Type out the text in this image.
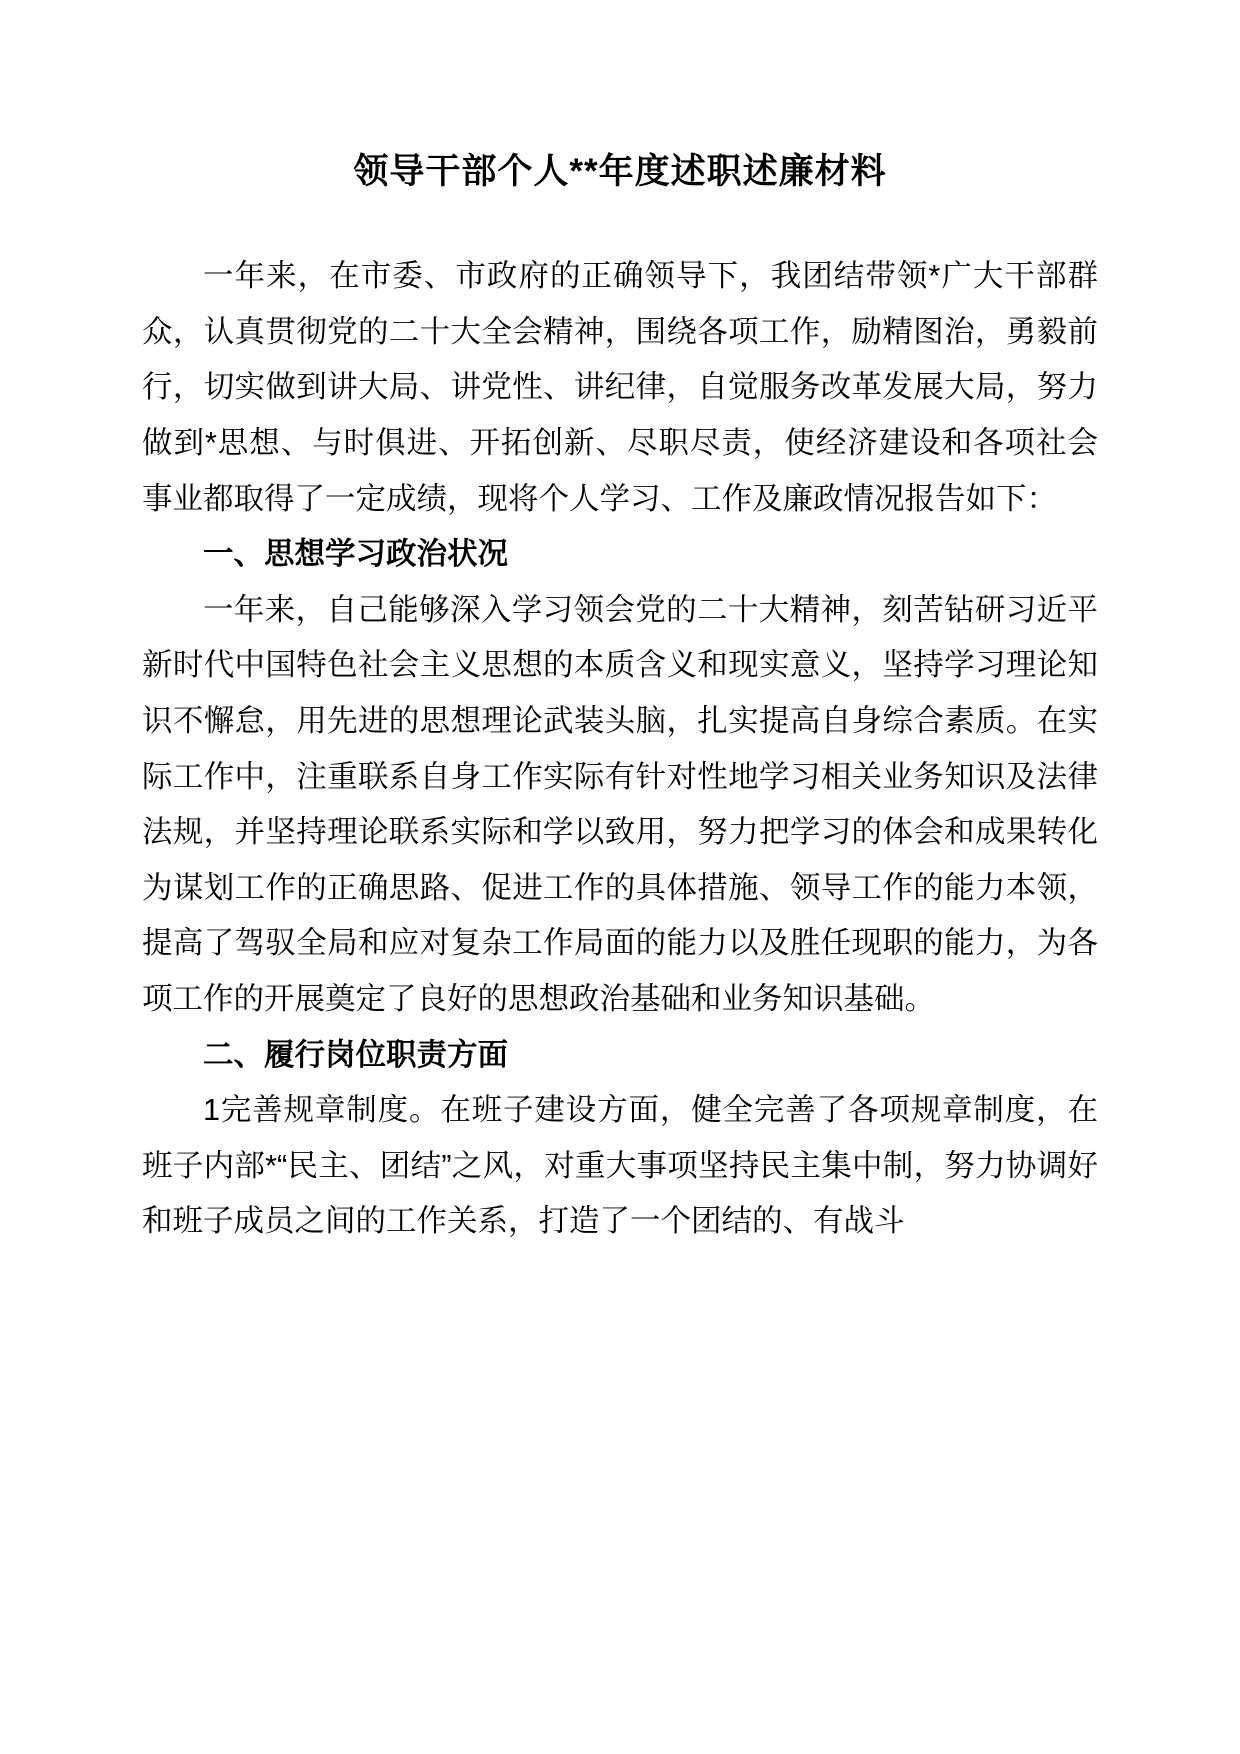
领导干部个人**年度述职述廉材料

一年来，在市委、市政府的正确领导下，我团结带领*广大干部群众，认真贯彻党的二十大全会精神，围绕各项工作，励精图治，勇毅前行，切实做到讲大局、讲党性、讲纪律，自觉服务改革发展大局，努力做到*思想、与时俱进、开拓创新、尽职尽责，使经济建设和各项社会事业都取得了一定成绩，现将个人学习、工作及廉政情况报告如下：

一、思想学习政治状况

一年来，自己能够深入学习领会党的二十大精神，刻苦钻研习近平新时代中国特色社会主义思想的本质含义和现实意义，坚持学习理论知识不懈怠，用先进的思想理论武装头脑，扎实提高自身综合素质。在实际工作中，注重联系自身工作实际有针对性地学习相关业务知识及法律法规，并坚持理论联系实际和学以致用，努力把学习的体会和成果转化为谋划工作的正确思路、促进工作的具体措施、领导工作的能力本领，提高了驾驭全局和应对复杂工作局面的能力以及胜任现职的能力，为各项工作的开展奠定了良好的思想政治基础和业务知识基础。

二、履行岗位职责方面

1完善规章制度。在班子建设方面，健全完善了各项规章制度，在班子内部*“民主、团结”之风，对重大事项坚持民主集中制，努力协调好和班子成员之间的工作关系，打造了一个团结的、有战斗
